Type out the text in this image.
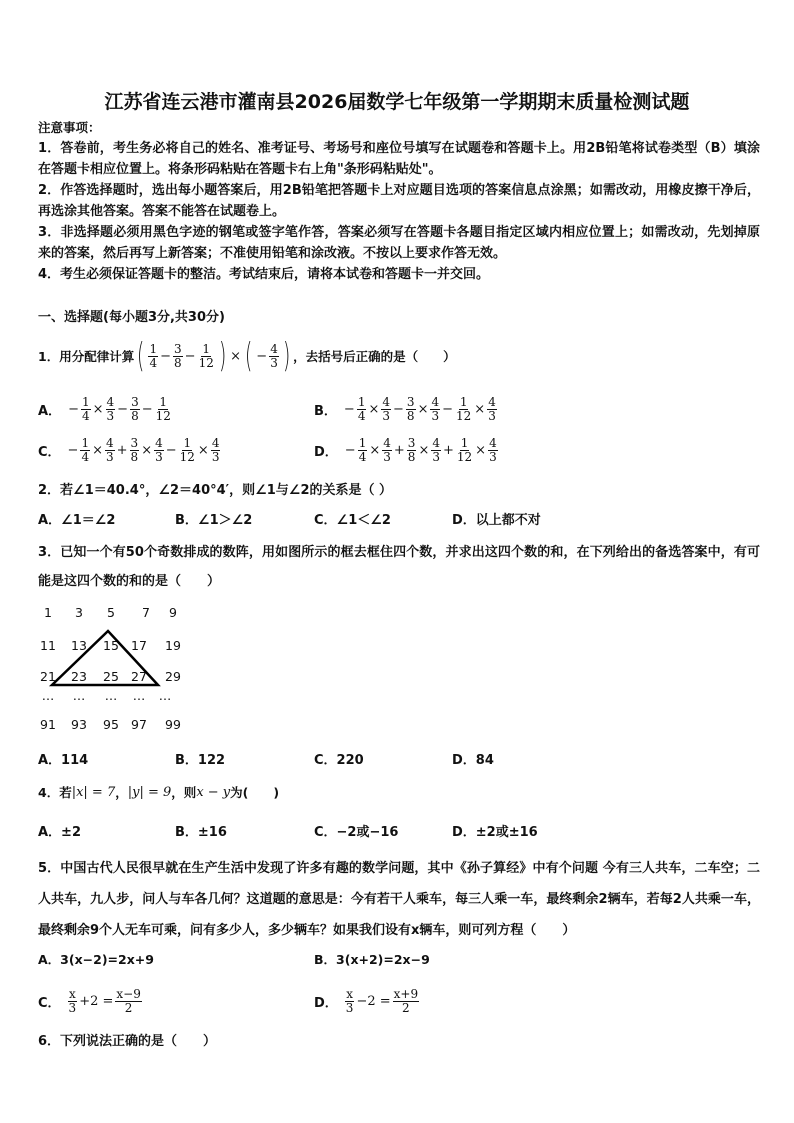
江苏省连云港市灌南县2026届数学七年级第一学期期末质量检测试题
注意事项：
1．答卷前，考生务必将自己的姓名、准考证号、考场号和座位号填写在试题卷和答题卡上。用2B铅笔将试卷类型（B）填涂在答题卡相应位置上。将条形码粘贴在答题卡右上角"条形码粘贴处"。
2．作答选择题时，选出每小题答案后，用2B铅笔把答题卡上对应题目选项的答案信息点涂黑；如需改动，用橡皮擦干净后，再选涂其他答案。答案不能答在试题卷上。
3．非选择题必须用黑色字迹的钢笔或签字笔作答，答案必须写在答题卡各题目指定区域内相应位置上；如需改动，先划掉原来的答案，然后再写上新答案；不准使用铅笔和涂改液。不按以上要求作答无效。
4．考生必须保证答题卡的整洁。考试结束后，请将本试卷和答题卡一并交回。
一、选择题(每小题3分,共30分)
1．用分配律计算 ( $\frac{1}{4} - \frac{3}{8} - \frac{1}{12}$ ) × ( − $\frac{4}{3}$ ) ，去括号后正确的是（　　）
A． − $\frac{1}{4} \times \frac{4}{3} - \frac{3}{8} - \frac{1}{12}$	B． − $\frac{1}{4} \times \frac{4}{3} - \frac{3}{8} \times \frac{4}{3} - \frac{1}{12} \times \frac{4}{3}$
C． − $\frac{1}{4} \times \frac{4}{3} + \frac{3}{8} \times \frac{4}{3} - \frac{1}{12} \times \frac{4}{3}$	D． − $\frac{1}{4} \times \frac{4}{3} + \frac{3}{8} \times \frac{4}{3} + \frac{1}{12} \times \frac{4}{3}$
2．若∠1＝40.4°，∠2＝40°4′，则∠1与∠2的关系是（ ）
A．∠1＝∠2	B．∠1＞∠2	C．∠1＜∠2	D．以上都不对
3．已知一个有50个奇数排成的数阵，用如图所示的框去框住四个数，并求出这四个数的和，在下列给出的备选答案中，有可能是这四个数的和的是（　　）
1	3	5	7	9
11	13	15 17	19
21	23	25 27	29
…	…	…	…	…
91	93	95 97	99
A．114	B．122	C．220	D．84
4．若 |x| = 7 ， |y| = 9 ，则 x − y 为(　　)
A．±2	B．±16	C．−2或−16	D．±2或±16
5．中国古代人民很早就在生产生活中发现了许多有趣的数学问题，其中《孙子算经》中有个问题 今有三人共车，二车空；二人共车，九人步，问人与车各几何？这道题的意思是：今有若干人乘车，每三人乘一车，最终剩余2辆车，若每2人共乘一车，最终剩余9个人无车可乘，问有多少人，多少辆车？如果我们设有x辆车，则可列方程（　　）
A．3(x−2)=2x+9	B．3(x+2)=2x−9
C． $\frac{x}{3} +2 = \frac{x-9}{2}$	D． $\frac{x}{3} -2 = \frac{x+9}{2}$
6．下列说法正确的是（　　）
